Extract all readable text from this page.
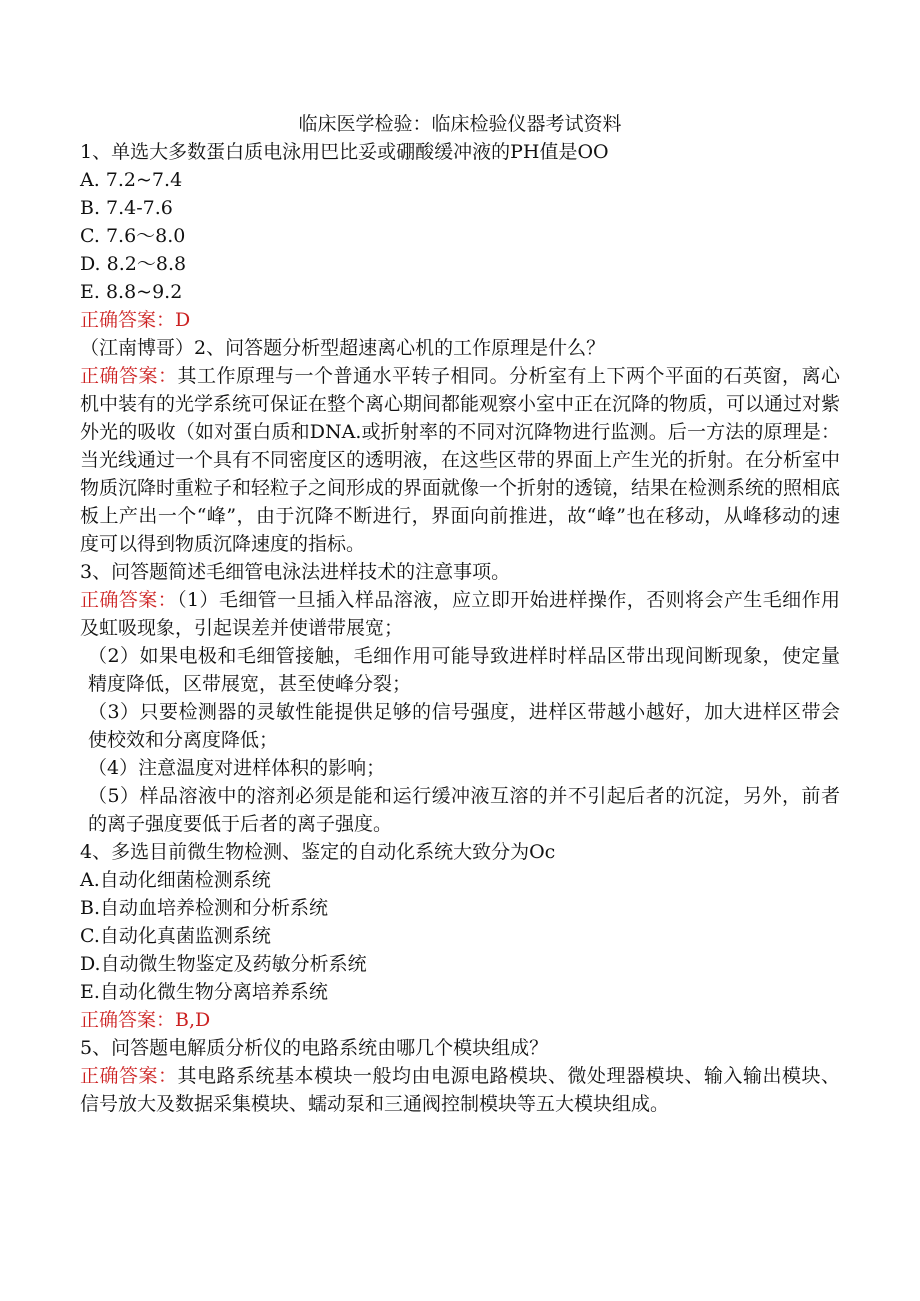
临床医学检验：临床检验仪器考试资料
1、单选大多数蛋白质电泳用巴比妥或硼酸缓冲液的PH值是OO
A. 7.2~7.4
B. 7.4-7.6
C. 7.6～8.0
D. 8.2～8.8
E. 8.8~9.2
正确答案：D
（江南博哥）2、问答题分析型超速离心机的工作原理是什么？
正确答案：其工作原理与一个普通水平转子相同。分析室有上下两个平面的石英窗，离心机中装有的光学系统可保证在整个离心期间都能观察小室中正在沉降的物质，可以通过对紫外光的吸收（如对蛋白质和DNA.或折射率的不同对沉降物进行监测。后一方法的原理是：当光线通过一个具有不同密度区的透明液，在这些区带的界面上产生光的折射。在分析室中物质沉降时重粒子和轻粒子之间形成的界面就像一个折射的透镜，结果在检测系统的照相底板上产出一个“峰”，由于沉降不断进行，界面向前推进，故“峰”也在移动，从峰移动的速度可以得到物质沉降速度的指标。
3、问答题简述毛细管电泳法进样技术的注意事项。
正确答案：（1）毛细管一旦插入样品溶液，应立即开始进样操作，否则将会产生毛细作用及虹吸现象，引起误差并使谱带展宽；
（2）如果电极和毛细管接触，毛细作用可能导致进样时样品区带出现间断现象，使定量精度降低，区带展宽，甚至使峰分裂；
（3）只要检测器的灵敏性能提供足够的信号强度，进样区带越小越好，加大进样区带会使校效和分离度降低；
（4）注意温度对进样体积的影响；
（5）样品溶液中的溶剂必须是能和运行缓冲液互溶的并不引起后者的沉淀，另外，前者的离子强度要低于后者的离子强度。
4、多选目前微生物检测、鉴定的自动化系统大致分为Oc
A.自动化细菌检测系统
B.自动血培养检测和分析系统
C.自动化真菌监测系统
D.自动微生物鉴定及药敏分析系统
E.自动化微生物分离培养系统
正确答案：B,D
5、问答题电解质分析仪的电路系统由哪几个模块组成？
正确答案：其电路系统基本模块一般均由电源电路模块、微处理器模块、输入输出模块、信号放大及数据采集模块、蠕动泵和三通阀控制模块等五大模块组成。
